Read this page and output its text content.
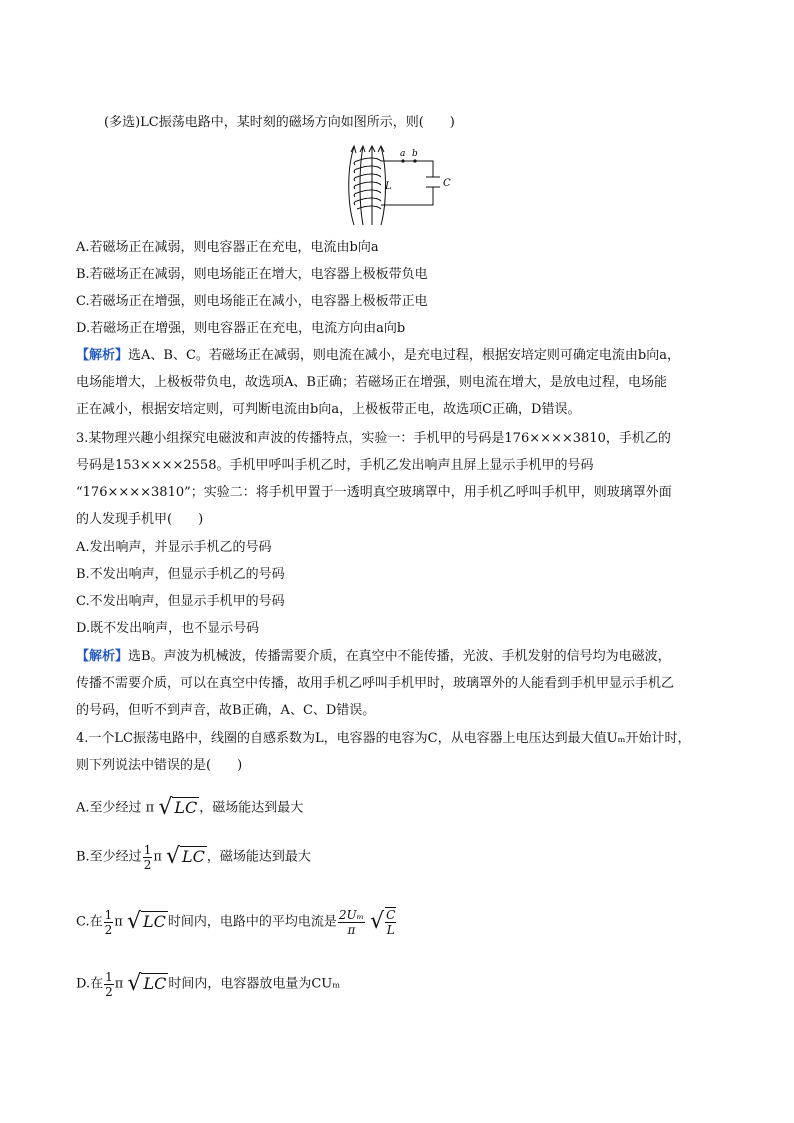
(多选)LC振荡电路中，某时刻的磁场方向如图所示，则(　　)
a b
L	C
A.若磁场正在减弱，则电容器正在充电，电流由b向a
B.若磁场正在减弱，则电场能正在增大，电容器上极板带负电
C.若磁场正在增强，则电场能正在减小，电容器上极板带正电
D.若磁场正在增强，则电容器正在充电，电流方向由a向b
【解析】选A、B、C。若磁场正在减弱，则电流在减小，是充电过程，根据安培定则可确定电流由b向a，
电场能增大，上极板带负电，故选项A、B正确；若磁场正在增强，则电流在增大，是放电过程，电场能
正在减小，根据安培定则，可判断电流由b向a，上极板带正电，故选项C正确，D错误。
3.某物理兴趣小组探究电磁波和声波的传播特点，实验一：手机甲的号码是176××××3810，手机乙的
号码是153××××2558。手机甲呼叫手机乙时，手机乙发出响声且屏上显示手机甲的号码
“176××××3810”；实验二：将手机甲置于一透明真空玻璃罩中，用手机乙呼叫手机甲，则玻璃罩外面
的人发现手机甲(　　)
A.发出响声，并显示手机乙的号码
B.不发出响声，但显示手机乙的号码
C.不发出响声，但显示手机甲的号码
D.既不发出响声，也不显示号码
【解析】选B。声波为机械波，传播需要介质，在真空中不能传播，光波、手机发射的信号均为电磁波，
传播不需要介质，可以在真空中传播，故用手机乙呼叫手机甲时，玻璃罩外的人能看到手机甲显示手机乙
的号码，但听不到声音，故B正确，A、C、D错误。
4.一个LC振荡电路中，线圈的自感系数为L，电容器的电容为C，从电容器上电压达到最大值Uₘ开始计时，
则下列说法中错误的是(　　)
A.至少经过 π √ LC ，磁场能达到最大
B.至少经过 $\frac{1}{2}$ π √ LC ，磁场能达到最大
C.在 $\frac{1}{2}$ π √ LC 时间内，电路中的平均电流是 $\frac{\text{2Uₘ}}{\pi}$ √ $\frac{C}{L}$
D.在 $\frac{1}{2}$ π √ LC 时间内，电容器放电量为CUₘ
